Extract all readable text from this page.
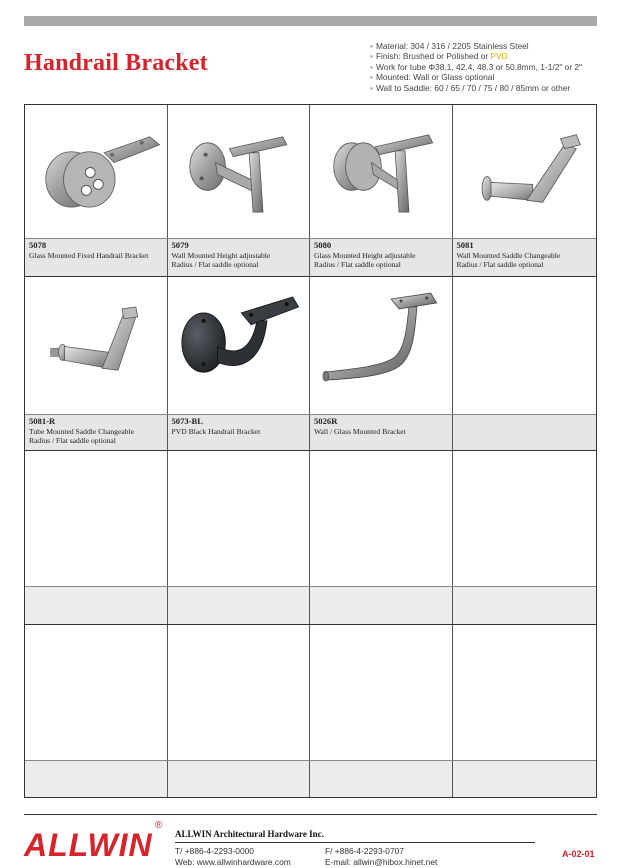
Handrail Bracket
• Material: 304 / 316 / 2205 Stainless Steel
• Finish: Brushed or Polished or PVD
• Work for tube Φ38.1, 42.4, 48.3 or 50.8mm, 1-1/2" or 2"
• Mounted: Wall or Glass optional
• Wall to Saddle: 60 / 65 / 70 / 75 / 80 / 85mm or other
5078
Glass Mounted Fixed Handrail Bracket
5079
Wall Mounted Height adjustable
Radius / Flat saddle optional
5080
Glass Mounted Height adjustable
Radius / Flat saddle optional
5081
Wall Mounted Saddle Changeable
Radius / Flat saddle optional
5081-R
Tube Mounted Saddle Changeable
Radius / Flat saddle optional
5073-BL
PVD Black Handrail Bracket
5026R
Wall / Glass Mounted Bracket
ALLWIN
®
ALLWIN Architectural Hardware Inc.
T/ +886-4-2293-0000	F/ +886-4-2293-0707
Web: www.allwinhardware.com	E-mail: allwin@hibox.hinet.net
A-02-01
